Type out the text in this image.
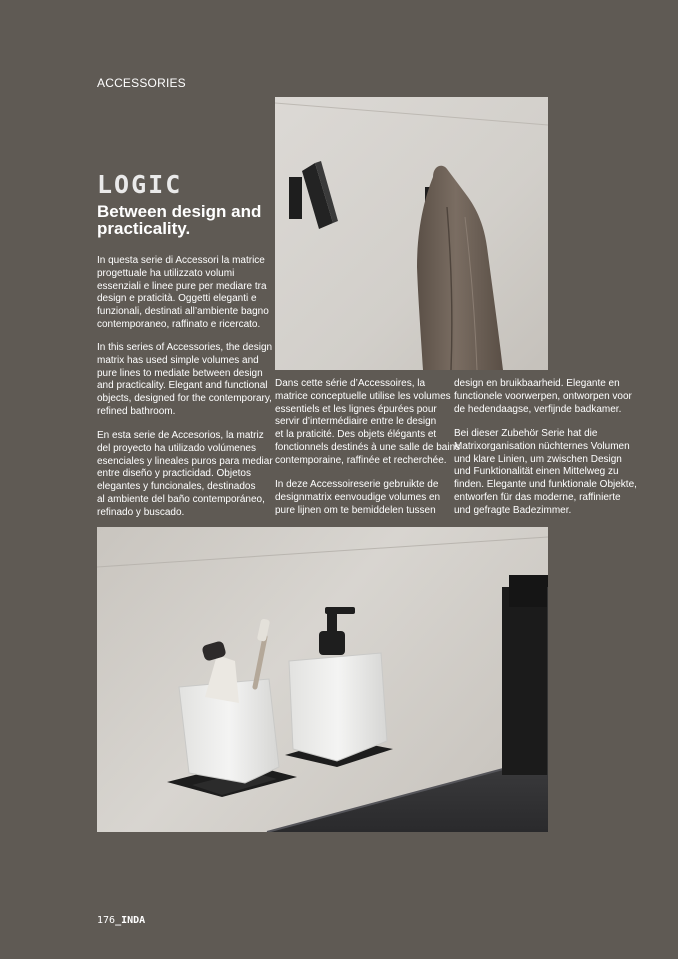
ACCESSORIES
LOGIC
Between design and
practicality.

In questa serie di Accessori la matrice
progettuale ha utilizzato volumi
essenziali e linee pure per mediare tra
design e praticità. Oggetti eleganti e
funzionali, destinati all’ambiente bagno
contemporaneo, raffinato e ricercato.

In this series of Accessories, the design
matrix has used simple volumes and
pure lines to mediate between design
and practicality. Elegant and functional
objects, designed for the contemporary,
refined bathroom.

En esta serie de Accesorios, la matriz
del proyecto ha utilizado volúmenes
esenciales y lineales puros para mediar
entre diseño y practicidad. Objetos
elegantes y funcionales, destinados
al ambiente del baño contemporáneo,
refinado y buscado.

Dans cette série d’Accessoires, la
matrice conceptuelle utilise les volumes
essentiels et les lignes épurées pour
servir d’intermédiaire entre le design
et la praticité. Des objets élégants et
fonctionnels destinés à une salle de bains
contemporaine, raffinée et recherchée.

In deze Accessoireserie gebruikte de
designmatrix eenvoudige volumes en
pure lijnen om te bemiddelen tussen

design en bruikbaarheid. Elegante en
functionele voorwerpen, ontworpen voor
de hedendaagse, verfijnde badkamer.

Bei dieser Zubehör Serie hat die
Matrixorganisation nüchternes Volumen
und klare Linien, um zwischen Design
und Funktionalität einen Mittelweg zu
finden. Elegante und funktionale Objekte,
entworfen für das moderne, raffinierte
und gefragte Badezimmer.

176_INDA
